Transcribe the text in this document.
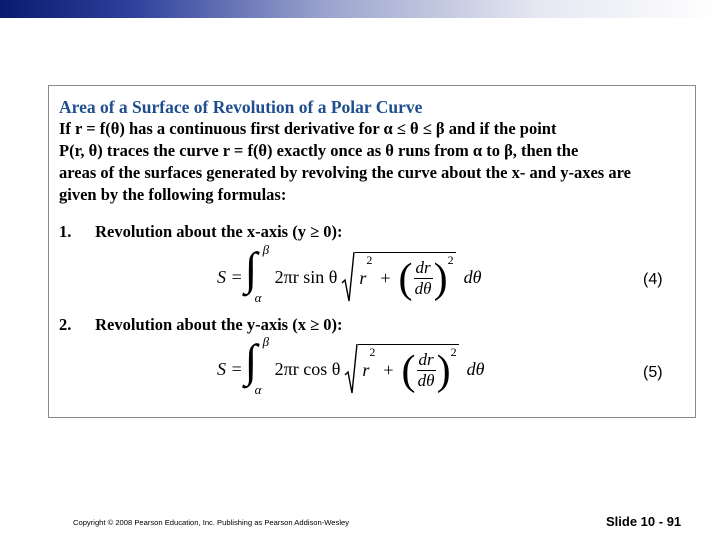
Area of a Surface of Revolution of a Polar Curve
If r = f(θ) has a continuous first derivative for α ≤ θ ≤ β and if the point
P(r, θ) traces the curve r = f(θ) exactly once as θ runs from α to β, then the
areas of the surfaces generated by revolving the curve about the x- and y-axes are
given by the following formulas:
1. Revolution about the x-axis (y ≥ 0):
S = ∫ β
α
2πr sin θ r
2
+ ( $\frac{dr}{d\theta}$ ) 2
dθ	(4)
2. Revolution about the y-axis (x ≥ 0):
S = ∫ β
α
2πr cos θ r
2
+ ( $\frac{dr}{d\theta}$ ) 2
dθ	(5)
Copyright © 2008 Pearson Education, Inc. Publishing as Pearson Addison-Wesley	Slide 10 - 91
